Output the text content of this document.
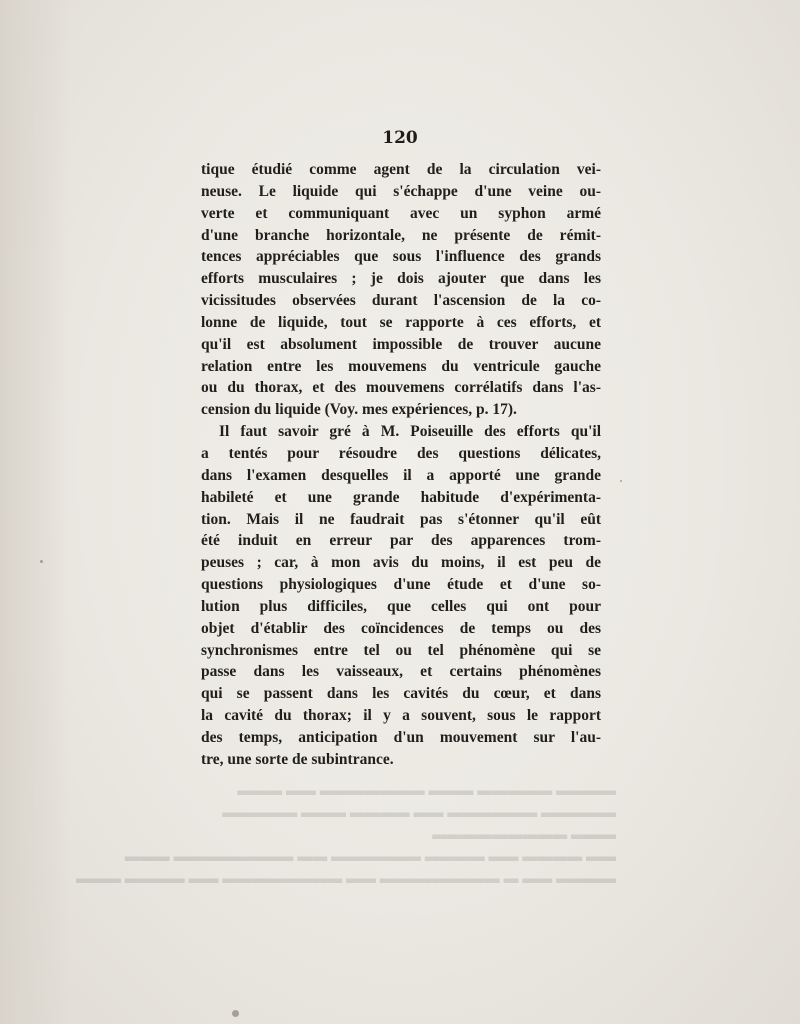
120
tique étudié comme agent de la circulation vei-
neuse. Le liquide qui s'échappe d'une veine ou-
verte et communiquant avec un syphon armé
d'une branche horizontale, ne présente de rémit-
tences appréciables que sous l'influence des grands
efforts musculaires ; je dois ajouter que dans les
vicissitudes observées durant l'ascension de la co-
lonne de liquide, tout se rapporte à ces efforts, et
qu'il est absolument impossible de trouver aucune
relation entre les mouvemens du ventricule gauche
ou du thorax, et des mouvemens corrélatifs dans l'as-
cension du liquide (Voy. mes expériences, p. 17).
Il faut savoir gré à M. Poiseuille des efforts qu'il
a tentés pour résoudre des questions délicates,
dans l'examen desquelles il a apporté une grande
habileté et une grande habitude d'expérimenta-
tion. Mais il ne faudrait pas s'étonner qu'il eût
été induit en erreur par des apparences trom-
peuses ; car, à mon avis du moins, il est peu de
questions physiologiques d'une étude et d'une so-
lution plus difficiles, que celles qui ont pour
objet d'établir des coïncidences de temps ou des
synchronismes entre tel ou tel phénomène qui se
passe dans les vaisseaux, et certains phénomènes
qui se passent dans les cavités du cœur, et dans
la cavité du thorax; il y a souvent, sous le rapport
des temps, anticipation d'un mouvement sur l'au-
tre, une sorte de subintrance.
▬▬▬▬ ▬▬▬▬▬ ▬▬▬ ▬▬▬▬▬▬▬ ▬▬ ▬▬▬
▬▬▬▬▬ ▬▬▬▬▬▬ ▬▬ ▬▬▬▬ ▬▬▬ ▬▬▬▬▬
▬▬▬ ▬▬▬▬▬▬▬▬▬
▬▬ ▬▬▬▬ ▬▬ ▬▬▬▬ ▬▬▬▬▬▬ ▬▬ ▬▬▬▬▬▬▬▬ ▬▬▬
▬▬▬▬ ▬▬ ▬ ▬▬▬▬▬▬▬▬ ▬▬ ▬▬▬▬▬▬▬▬ ▬▬ ▬▬▬▬ ▬▬▬
